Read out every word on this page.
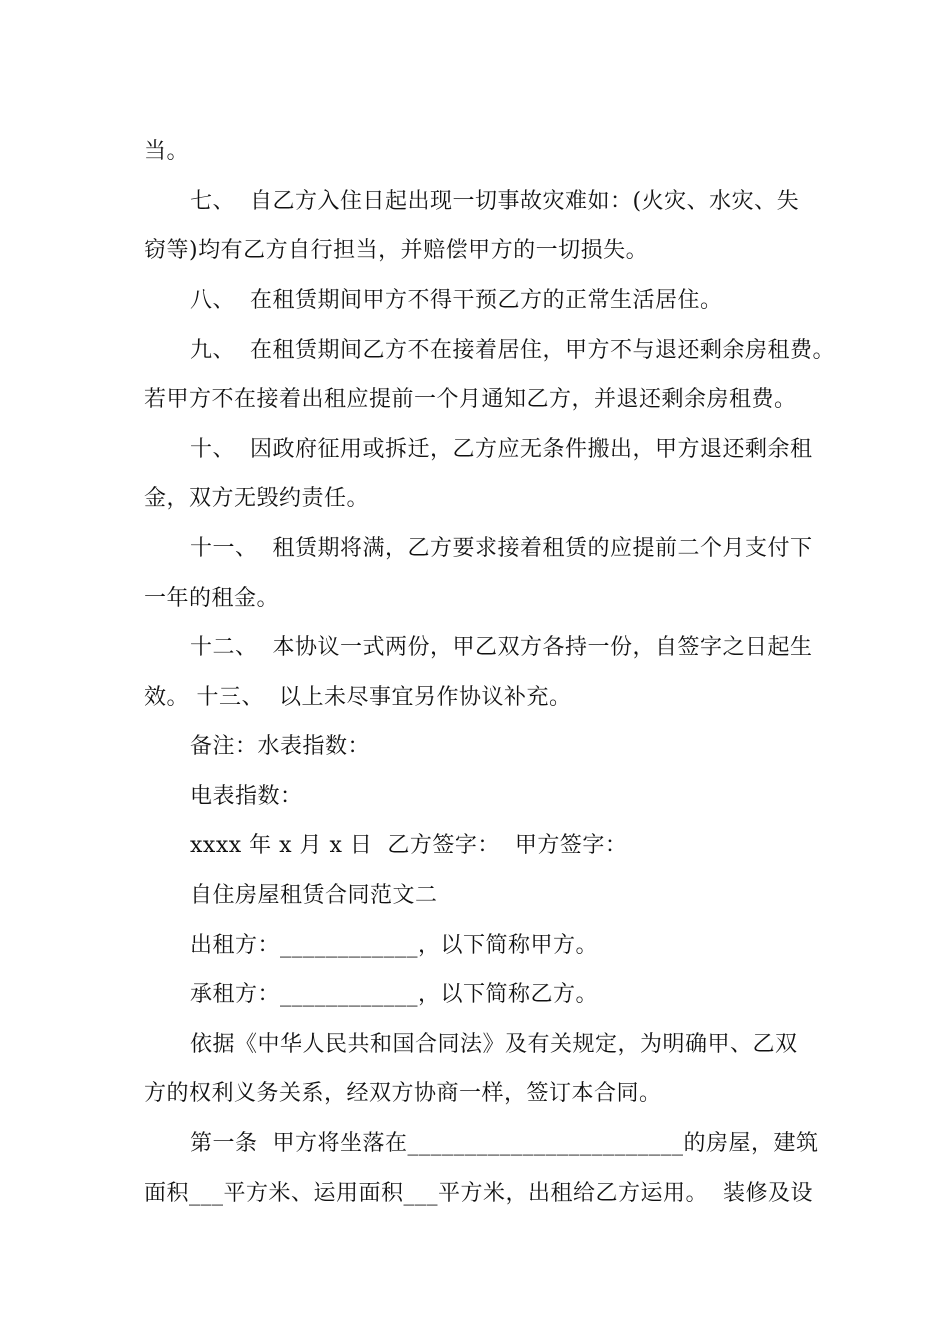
当。
七、  自乙方入住日起出现一切事故灾难如：(火灾、水灾、失
窃等)均有乙方自行担当，并赔偿甲方的一切损失。
八、  在租赁期间甲方不得干预乙方的正常生活居住。
九、  在租赁期间乙方不在接着居住，甲方不与退还剩余房租费。
若甲方不在接着出租应提前一个月通知乙方，并退还剩余房租费。
十、  因政府征用或拆迁，乙方应无条件搬出，甲方退还剩余租
金，双方无毁约责任。
十一、  租赁期将满，乙方要求接着租赁的应提前二个月支付下
一年的租金。
十二、  本协议一式两份，甲乙双方各持一份，自签字之日起生
效。 十三、  以上未尽事宜另作协议补充。
备注：水表指数：
电表指数：
xxxx 年 x 月 x 日  乙方签字：  甲方签字：
自住房屋租赁合同范文二
出租方：____________，以下简称甲方。
承租方：____________，以下简称乙方。
依据《中华人民共和国合同法》及有关规定，为明确甲、乙双
方的权利义务关系，经双方协商一样，签订本合同。
第一条  甲方将坐落在________________________的房屋，建筑
面积___平方米、运用面积___平方米，出租给乙方运用。  装修及设
